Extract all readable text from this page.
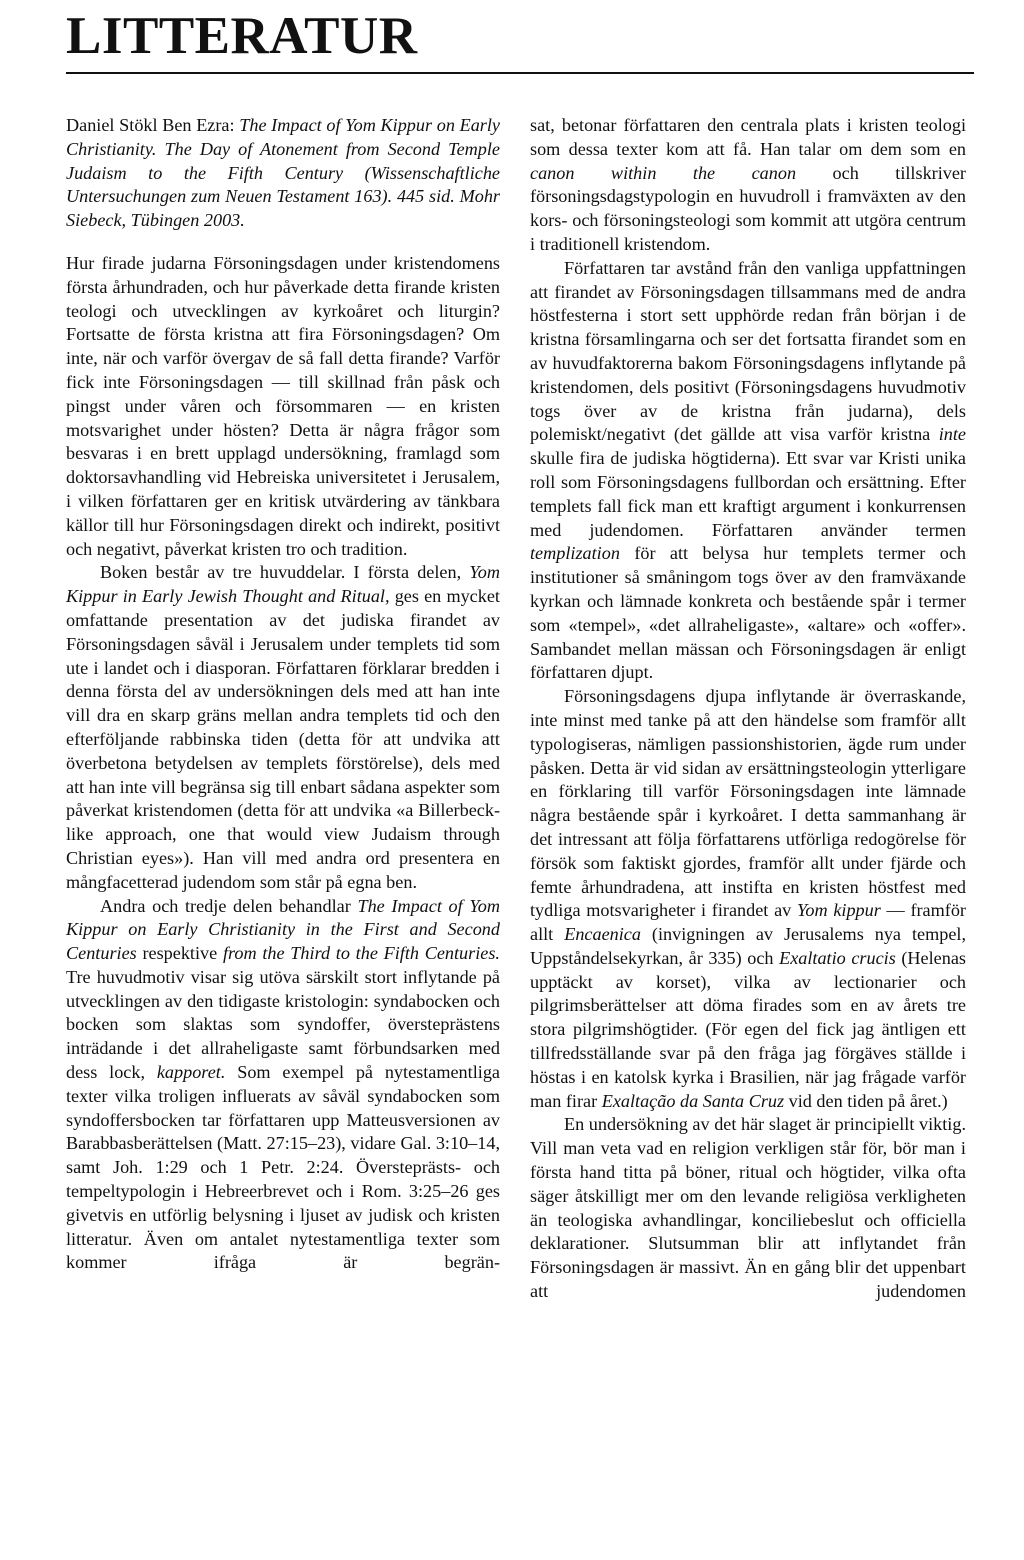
LITTERATUR

Daniel Stökl Ben Ezra: The Impact of Yom Kippur on Early Christianity. The Day of Atonement from Second Temple Judaism to the Fifth Century (Wissenschaftliche Untersuchungen zum Neuen Testament 163). 445 sid. Mohr Siebeck, Tübingen 2003.

Hur firade judarna Försoningsdagen under kristendomens första århundraden, och hur påverkade detta firande kristen teologi och utvecklingen av kyrkoåret och liturgin? Fortsatte de första kristna att fira Försoningsdagen? Om inte, när och varför övergav de så fall detta firande? Varför fick inte Försoningsdagen — till skillnad från påsk och pingst under våren och försommaren — en kristen motsvarighet under hösten? Detta är några frågor som besvaras i en brett upplagd undersökning, framlagd som doktorsavhandling vid Hebreiska universitetet i Jerusalem, i vilken författaren ger en kritisk utvärdering av tänkbara källor till hur Försoningsdagen direkt och indirekt, positivt och negativt, påverkat kristen tro och tradition.

Boken består av tre huvuddelar. I första delen, Yom Kippur in Early Jewish Thought and Ritual, ges en mycket omfattande presentation av det judiska firandet av Försoningsdagen såväl i Jerusalem under templets tid som ute i landet och i diasporan. Författaren förklarar bredden i denna första del av undersökningen dels med att han inte vill dra en skarp gräns mellan andra templets tid och den efterföljande rabbinska tiden (detta för att undvika att överbetona betydelsen av templets förstörelse), dels med att han inte vill begränsa sig till enbart sådana aspekter som påverkat kristendomen (detta för att undvika «a Billerbeck-like approach, one that would view Judaism through Christian eyes»). Han vill med andra ord presentera en mångfacetterad judendom som står på egna ben.

Andra och tredje delen behandlar The Impact of Yom Kippur on Early Christianity in the First and Second Centuries respektive from the Third to the Fifth Centuries. Tre huvudmotiv visar sig utöva särskilt stort inflytande på utvecklingen av den tidigaste kristologin: syndabocken och bocken som slaktas som syndoffer, översteprästens inträdande i det allraheligaste samt förbundsarken med dess lock, kapporet. Som exempel på nytestamentliga texter vilka troligen influerats av såväl syndabocken som syndoffersbocken tar författaren upp Matteusversionen av Barabbasberättelsen (Matt. 27:15–23), vidare Gal. 3:10–14, samt Joh. 1:29 och 1 Petr. 2:24. Översteprästs- och tempeltypologin i Hebreerbrevet och i Rom. 3:25–26 ges givetvis en utförlig belysning i ljuset av judisk och kristen litteratur. Även om antalet nytestamentliga texter som kommer ifråga är begrän-

sat, betonar författaren den centrala plats i kristen teologi som dessa texter kom att få. Han talar om dem som en canon within the canon och tillskriver försoningsdagstypologin en huvudroll i framväxten av den kors- och försoningsteologi som kommit att utgöra centrum i traditionell kristendom.

Författaren tar avstånd från den vanliga uppfattningen att firandet av Försoningsdagen tillsammans med de andra höstfesterna i stort sett upphörde redan från början i de kristna församlingarna och ser det fortsatta firandet som en av huvudfaktorerna bakom Försoningsdagens inflytande på kristendomen, dels positivt (Försoningsdagens huvudmotiv togs över av de kristna från judarna), dels polemiskt/negativt (det gällde att visa varför kristna inte skulle fira de judiska högtiderna). Ett svar var Kristi unika roll som Försoningsdagens fullbordan och ersättning. Efter templets fall fick man ett kraftigt argument i konkurrensen med judendomen. Författaren använder termen templization för att belysa hur templets termer och institutioner så småningom togs över av den framväxande kyrkan och lämnade konkreta och bestående spår i termer som «tempel», «det allraheligaste», «altare» och «offer». Sambandet mellan mässan och Försoningsdagen är enligt författaren djupt.

Försoningsdagens djupa inflytande är överraskande, inte minst med tanke på att den händelse som framför allt typologiseras, nämligen passionshistorien, ägde rum under påsken. Detta är vid sidan av ersättningsteologin ytterligare en förklaring till varför Försoningsdagen inte lämnade några bestående spår i kyrkoåret. I detta sammanhang är det intressant att följa författarens utförliga redogörelse för försök som faktiskt gjordes, framför allt under fjärde och femte århundradena, att instifta en kristen höstfest med tydliga motsvarigheter i firandet av Yom kippur — framför allt Encaenica (invigningen av Jerusalems nya tempel, Uppståndelsekyrkan, år 335) och Exaltatio crucis (Helenas upptäckt av korset), vilka av lectionarier och pilgrimsberättelser att döma firades som en av årets tre stora pilgrimshögtider. (För egen del fick jag äntligen ett tillfredsställande svar på den fråga jag förgäves ställde i höstas i en katolsk kyrka i Brasilien, när jag frågade varför man firar Exaltação da Santa Cruz vid den tiden på året.)

En undersökning av det här slaget är principiellt viktig. Vill man veta vad en religion verkligen står för, bör man i första hand titta på böner, ritual och högtider, vilka ofta säger åtskilligt mer om den levande religiösa verkligheten än teologiska avhandlingar, konciliebeslut och officiella deklarationer. Slutsumman blir att inflytandet från Försoningsdagen är massivt. Än en gång blir det uppenbart att judendomen
